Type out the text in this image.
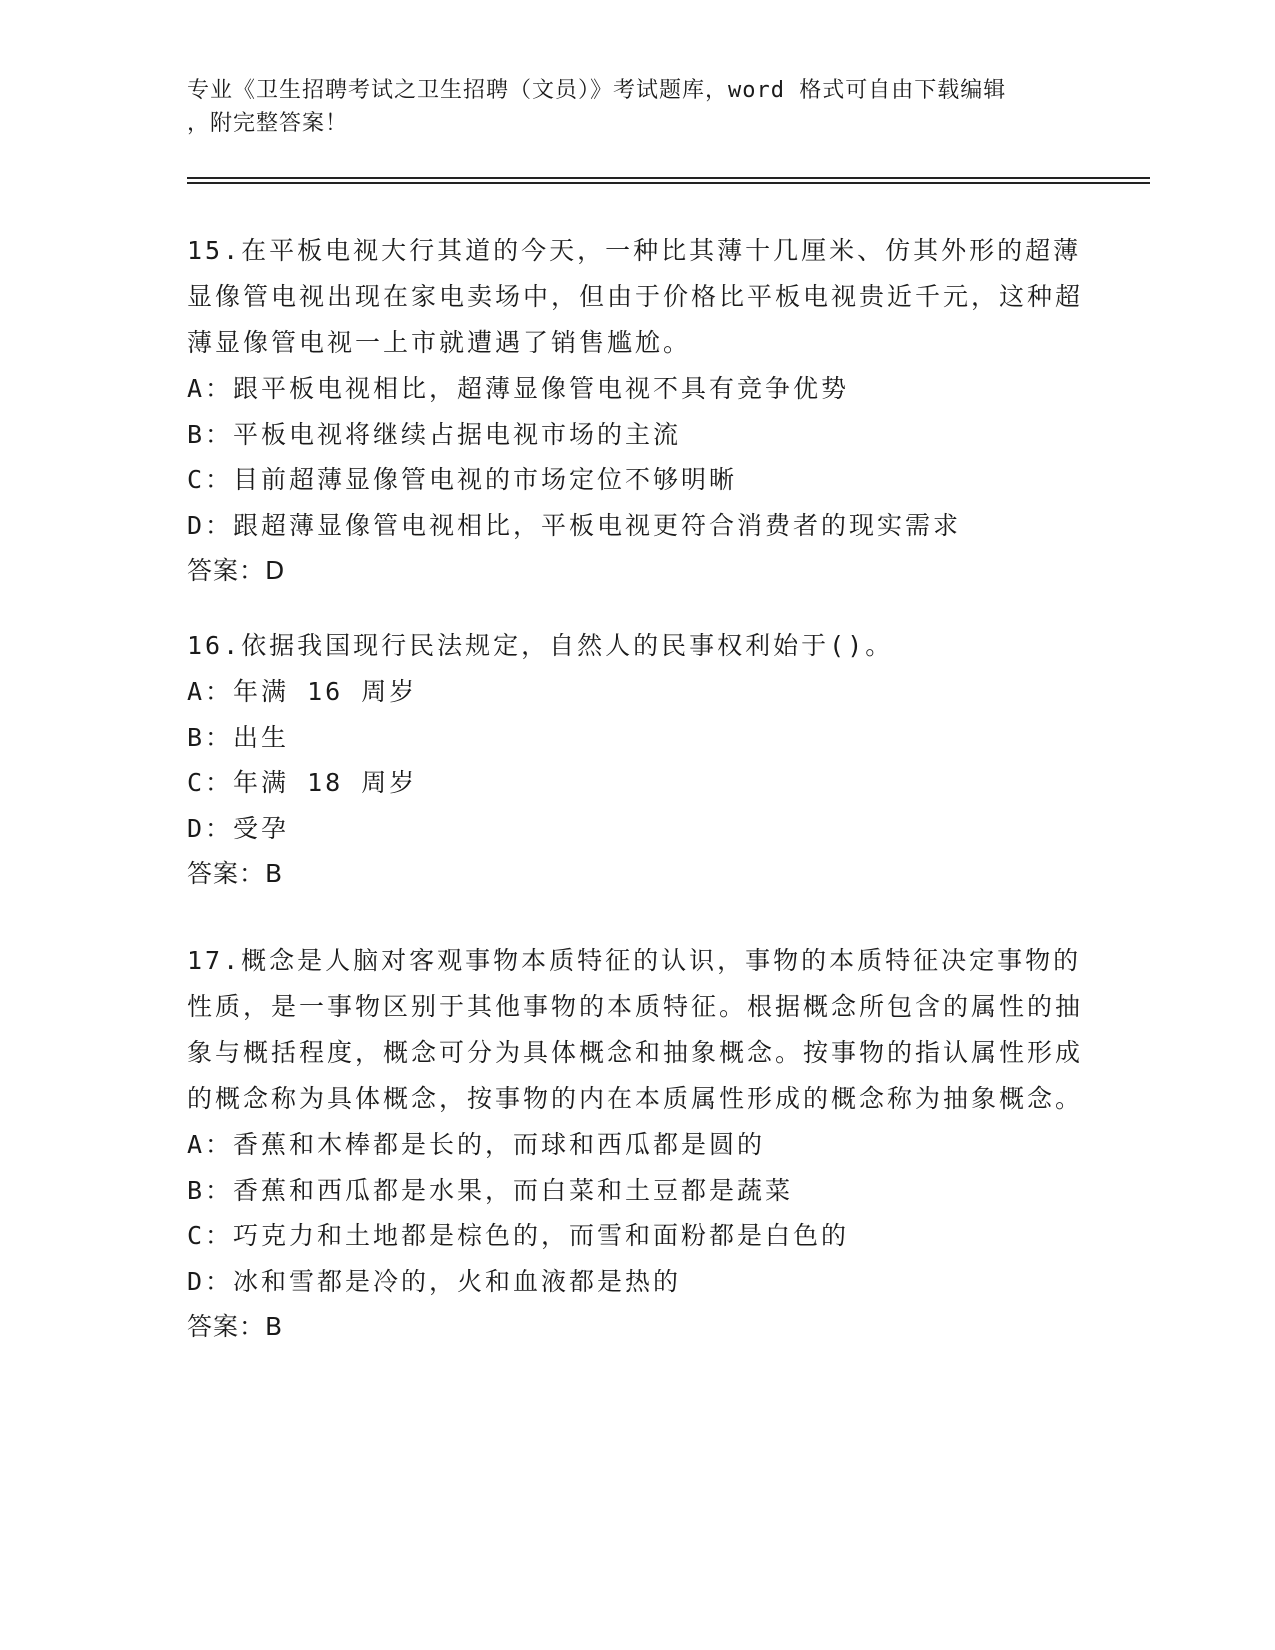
专业《卫生招聘考试之卫生招聘（文员）》考试题库，word 格式可自由下载编辑
，附完整答案！

15.在平板电视大行其道的今天，一种比其薄十几厘米、仿其外形的超薄显像管电视出现在家电卖场中，但由于价格比平板电视贵近千元，这种超薄显像管电视一上市就遭遇了销售尴尬。

A：跟平板电视相比，超薄显像管电视不具有竞争优势

B：平板电视将继续占据电视市场的主流

C：目前超薄显像管电视的市场定位不够明晰

D：跟超薄显像管电视相比，平板电视更符合消费者的现实需求

答案：D

16.依据我国现行民法规定，自然人的民事权利始于()。

A：年满 16 周岁

B：出生

C：年满 18 周岁

D：受孕

答案：B

17.概念是人脑对客观事物本质特征的认识，事物的本质特征决定事物的性质，是一事物区别于其他事物的本质特征。根据概念所包含的属性的抽象与概括程度，概念可分为具体概念和抽象概念。按事物的指认属性形成的概念称为具体概念，按事物的内在本质属性形成的概念称为抽象概念。

A：香蕉和木棒都是长的，而球和西瓜都是圆的

B：香蕉和西瓜都是水果，而白菜和土豆都是蔬菜

C：巧克力和土地都是棕色的，而雪和面粉都是白色的

D：冰和雪都是冷的，火和血液都是热的

答案：B
